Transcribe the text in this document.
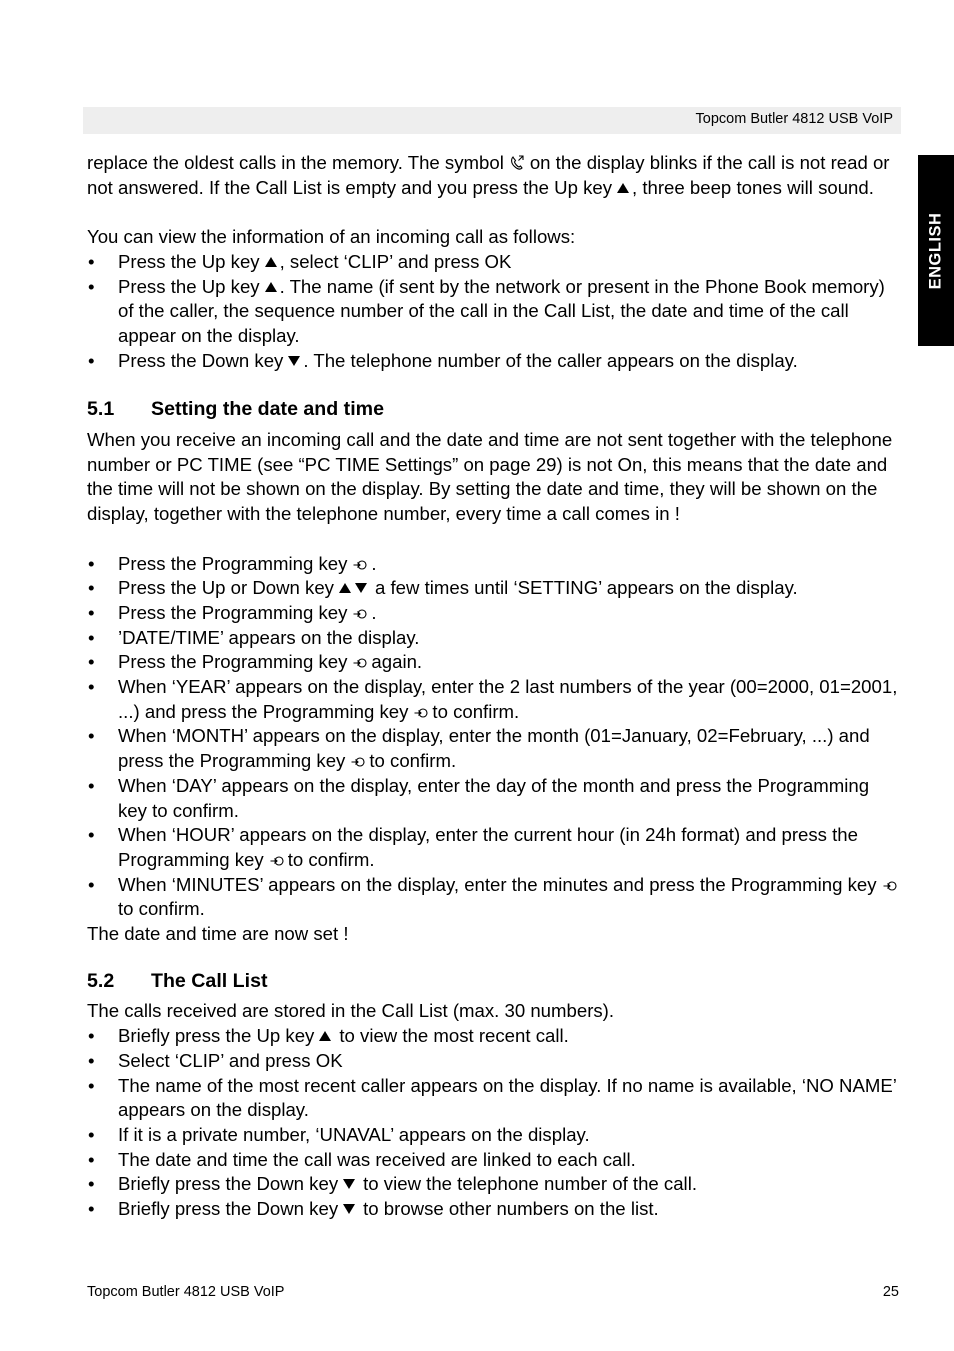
Topcom Butler 4812 USB VoIP
ENGLISH

replace the oldest calls in the memory. The symbol on the display blinks if the call is not read or not answered. If the Call List is empty and you press the Up key , three beep tones will sound.

You can view the information of an incoming call as follows:

• Press the Up key , select ‘CLIP’ and press OK
• Press the Up key . The name (if sent by the network or present in the Phone Book memory) of the caller, the sequence number of the call in the Call List, the date and time of the call appear on the display.
• Press the Down key . The telephone number of the caller appears on the display.
5.1	Setting the date and time

When you receive an incoming call and the date and time are not sent together with the telephone number or PC TIME (see “PC TIME Settings” on page 29) is not On, this means that the date and the time will not be shown on the display. By setting the date and time, they will be shown on the display, together with the telephone number, every time a call comes in !

• Press the Programming key .
• Press the Up or Down key a few times until ‘SETTING’ appears on the display.
• Press the Programming key .
• ’DATE/TIME’ appears on the display.
• Press the Programming key again.
• When ‘YEAR’ appears on the display, enter the 2 last numbers of the year (00=2000, 01=2001, ...) and press the Programming key to confirm.
• When ‘MONTH’ appears on the display, enter the month (01=January, 02=February, ...) and press the Programming key to confirm.
• When ‘DAY’ appears on the display, enter the day of the month and press the Programming key to confirm.
• When ‘HOUR’ appears on the display, enter the current hour (in 24h format) and press the Programming key to confirm.
• When ‘MINUTES’ appears on the display, enter the minutes and press the Programming keyto confirm.

The date and time are now set !

5.2	The Call List

The calls received are stored in the Call List (max. 30 numbers).

• Briefly press the Up key to view the most recent call.
• Select ‘CLIP’ and press OK
• The name of the most recent caller appears on the display. If no name is available, ‘NO NAME’ appears on the display.
• If it is a private number, ‘UNAVAL’ appears on the display.
• The date and time the call was received are linked to each call.
• Briefly press the Down key to view the telephone number of the call.
• Briefly press the Down key to browse other numbers on the list.
Topcom Butler 4812 USB VoIP	25
